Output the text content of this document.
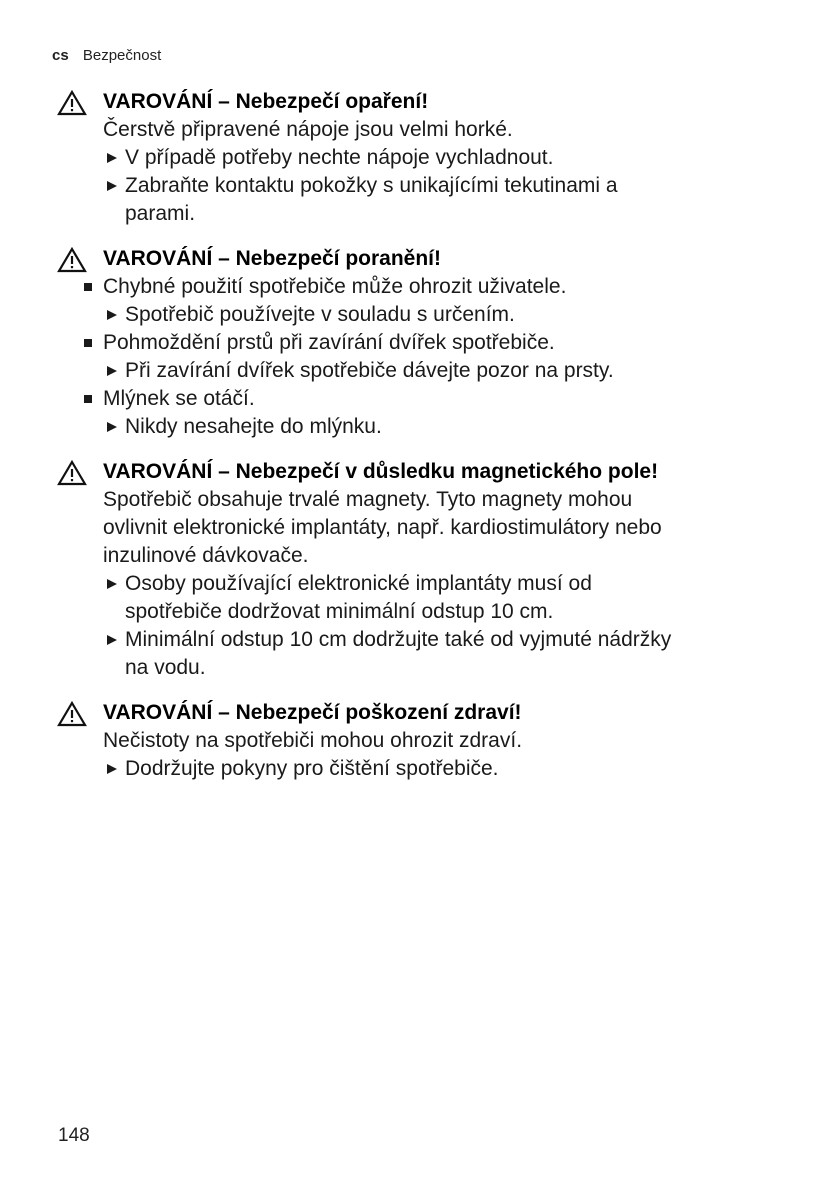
cs Bezpečnost
VAROVÁNÍ – Nebezpečí opaření!
Čerstvě připravené nápoje jsou velmi horké.
V případě potřeby nechte nápoje vychladnout.
Zabraňte kontaktu pokožky s unikajícími tekutinami a
parami.
VAROVÁNÍ – Nebezpečí poranění!
Chybné použití spotřebiče může ohrozit uživatele.
Spotřebič používejte v souladu s určením.
Pohmoždění prstů při zavírání dvířek spotřebiče.
Při zavírání dvířek spotřebiče dávejte pozor na prsty.
Mlýnek se otáčí.
Nikdy nesahejte do mlýnku.
VAROVÁNÍ – Nebezpečí v důsledku magnetického pole!
Spotřebič obsahuje trvalé magnety. Tyto magnety mohou
ovlivnit elektronické implantáty, např. kardiostimulátory nebo
inzulinové dávkovače.
Osoby používající elektronické implantáty musí od
spotřebiče dodržovat minimální odstup 10 cm.
Minimální odstup 10 cm dodržujte také od vyjmuté nádržky
na vodu.
VAROVÁNÍ – Nebezpečí poškození zdraví!
Nečistoty na spotřebiči mohou ohrozit zdraví.
Dodržujte pokyny pro čištění spotřebiče.
148
